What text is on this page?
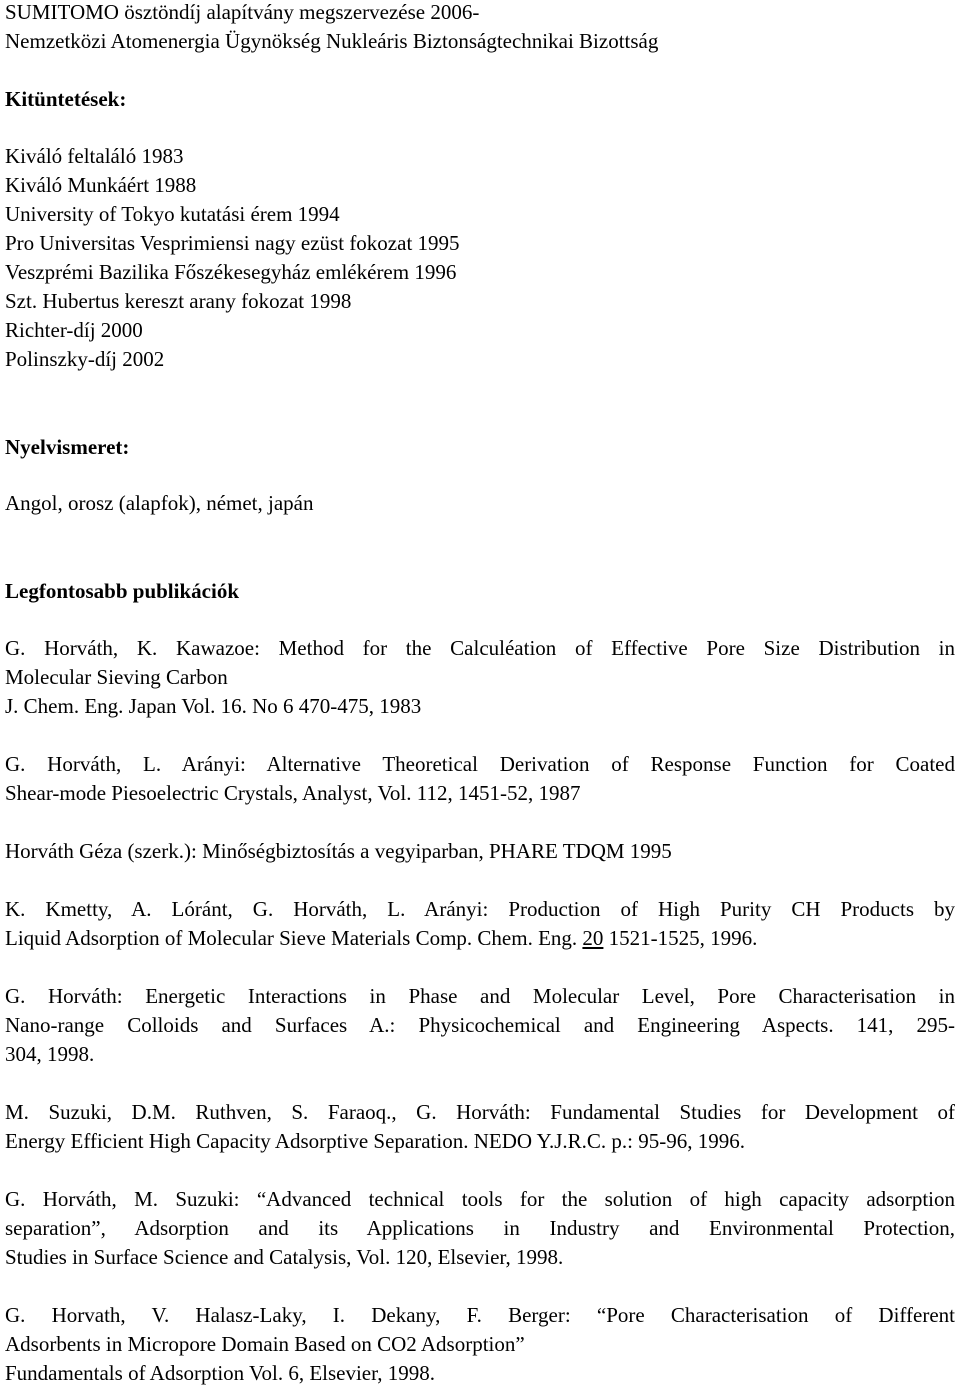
SUMITOMO ösztöndíj alapítvány megszervezése 2006-
Nemzetközi Atomenergia Ügynökség Nukleáris Biztonságtechnikai Bizottság
Kitüntetések:
Kiváló feltaláló 1983
Kiváló Munkáért 1988
University of Tokyo kutatási érem 1994
Pro Universitas Vesprimiensi nagy ezüst fokozat 1995
Veszprémi Bazilika Főszékesegyház emlékérem 1996
Szt. Hubertus kereszt arany fokozat 1998
Richter-díj 2000
Polinszky-díj 2002
Nyelvismeret:
Angol, orosz (alapfok), német, japán
Legfontosabb publikációk
G. Horváth, K. Kawazoe: Method for the Calculéation of Effective Pore Size Distribution in
Molecular Sieving Carbon
J. Chem. Eng. Japan Vol. 16. No 6 470-475, 1983
G. Horváth, L. Arányi: Alternative Theoretical Derivation of Response Function for Coated
Shear-mode Piesoelectric Crystals, Analyst, Vol. 112, 1451-52, 1987
Horváth Géza (szerk.): Minőségbiztosítás a vegyiparban, PHARE TDQM 1995
K. Kmetty, A. Lóránt, G. Horváth, L. Arányi: Production of High Purity CH Products by
Liquid Adsorption of Molecular Sieve Materials Comp. Chem. Eng. 20 1521-1525, 1996.
G. Horváth: Energetic Interactions in Phase and Molecular Level, Pore Characterisation in
Nano-range Colloids and Surfaces A.: Physicochemical and Engineering Aspects. 141, 295-
304, 1998.
M. Suzuki, D.M. Ruthven, S. Faraoq., G. Horváth: Fundamental Studies for Development of
Energy Efficient High Capacity Adsorptive Separation. NEDO Y.J.R.C. p.: 95-96, 1996.
G. Horváth, M. Suzuki: “Advanced technical tools for the solution of high capacity adsorption
separation”, Adsorption and its Applications in Industry and Environmental Protection,
Studies in Surface Science and Catalysis, Vol. 120, Elsevier, 1998.
G. Horvath, V. Halasz-Laky, I. Dekany, F. Berger: “Pore Characterisation of Different
Adsorbents in Micropore Domain Based on CO2 Adsorption”
Fundamentals of Adsorption Vol. 6, Elsevier, 1998.
